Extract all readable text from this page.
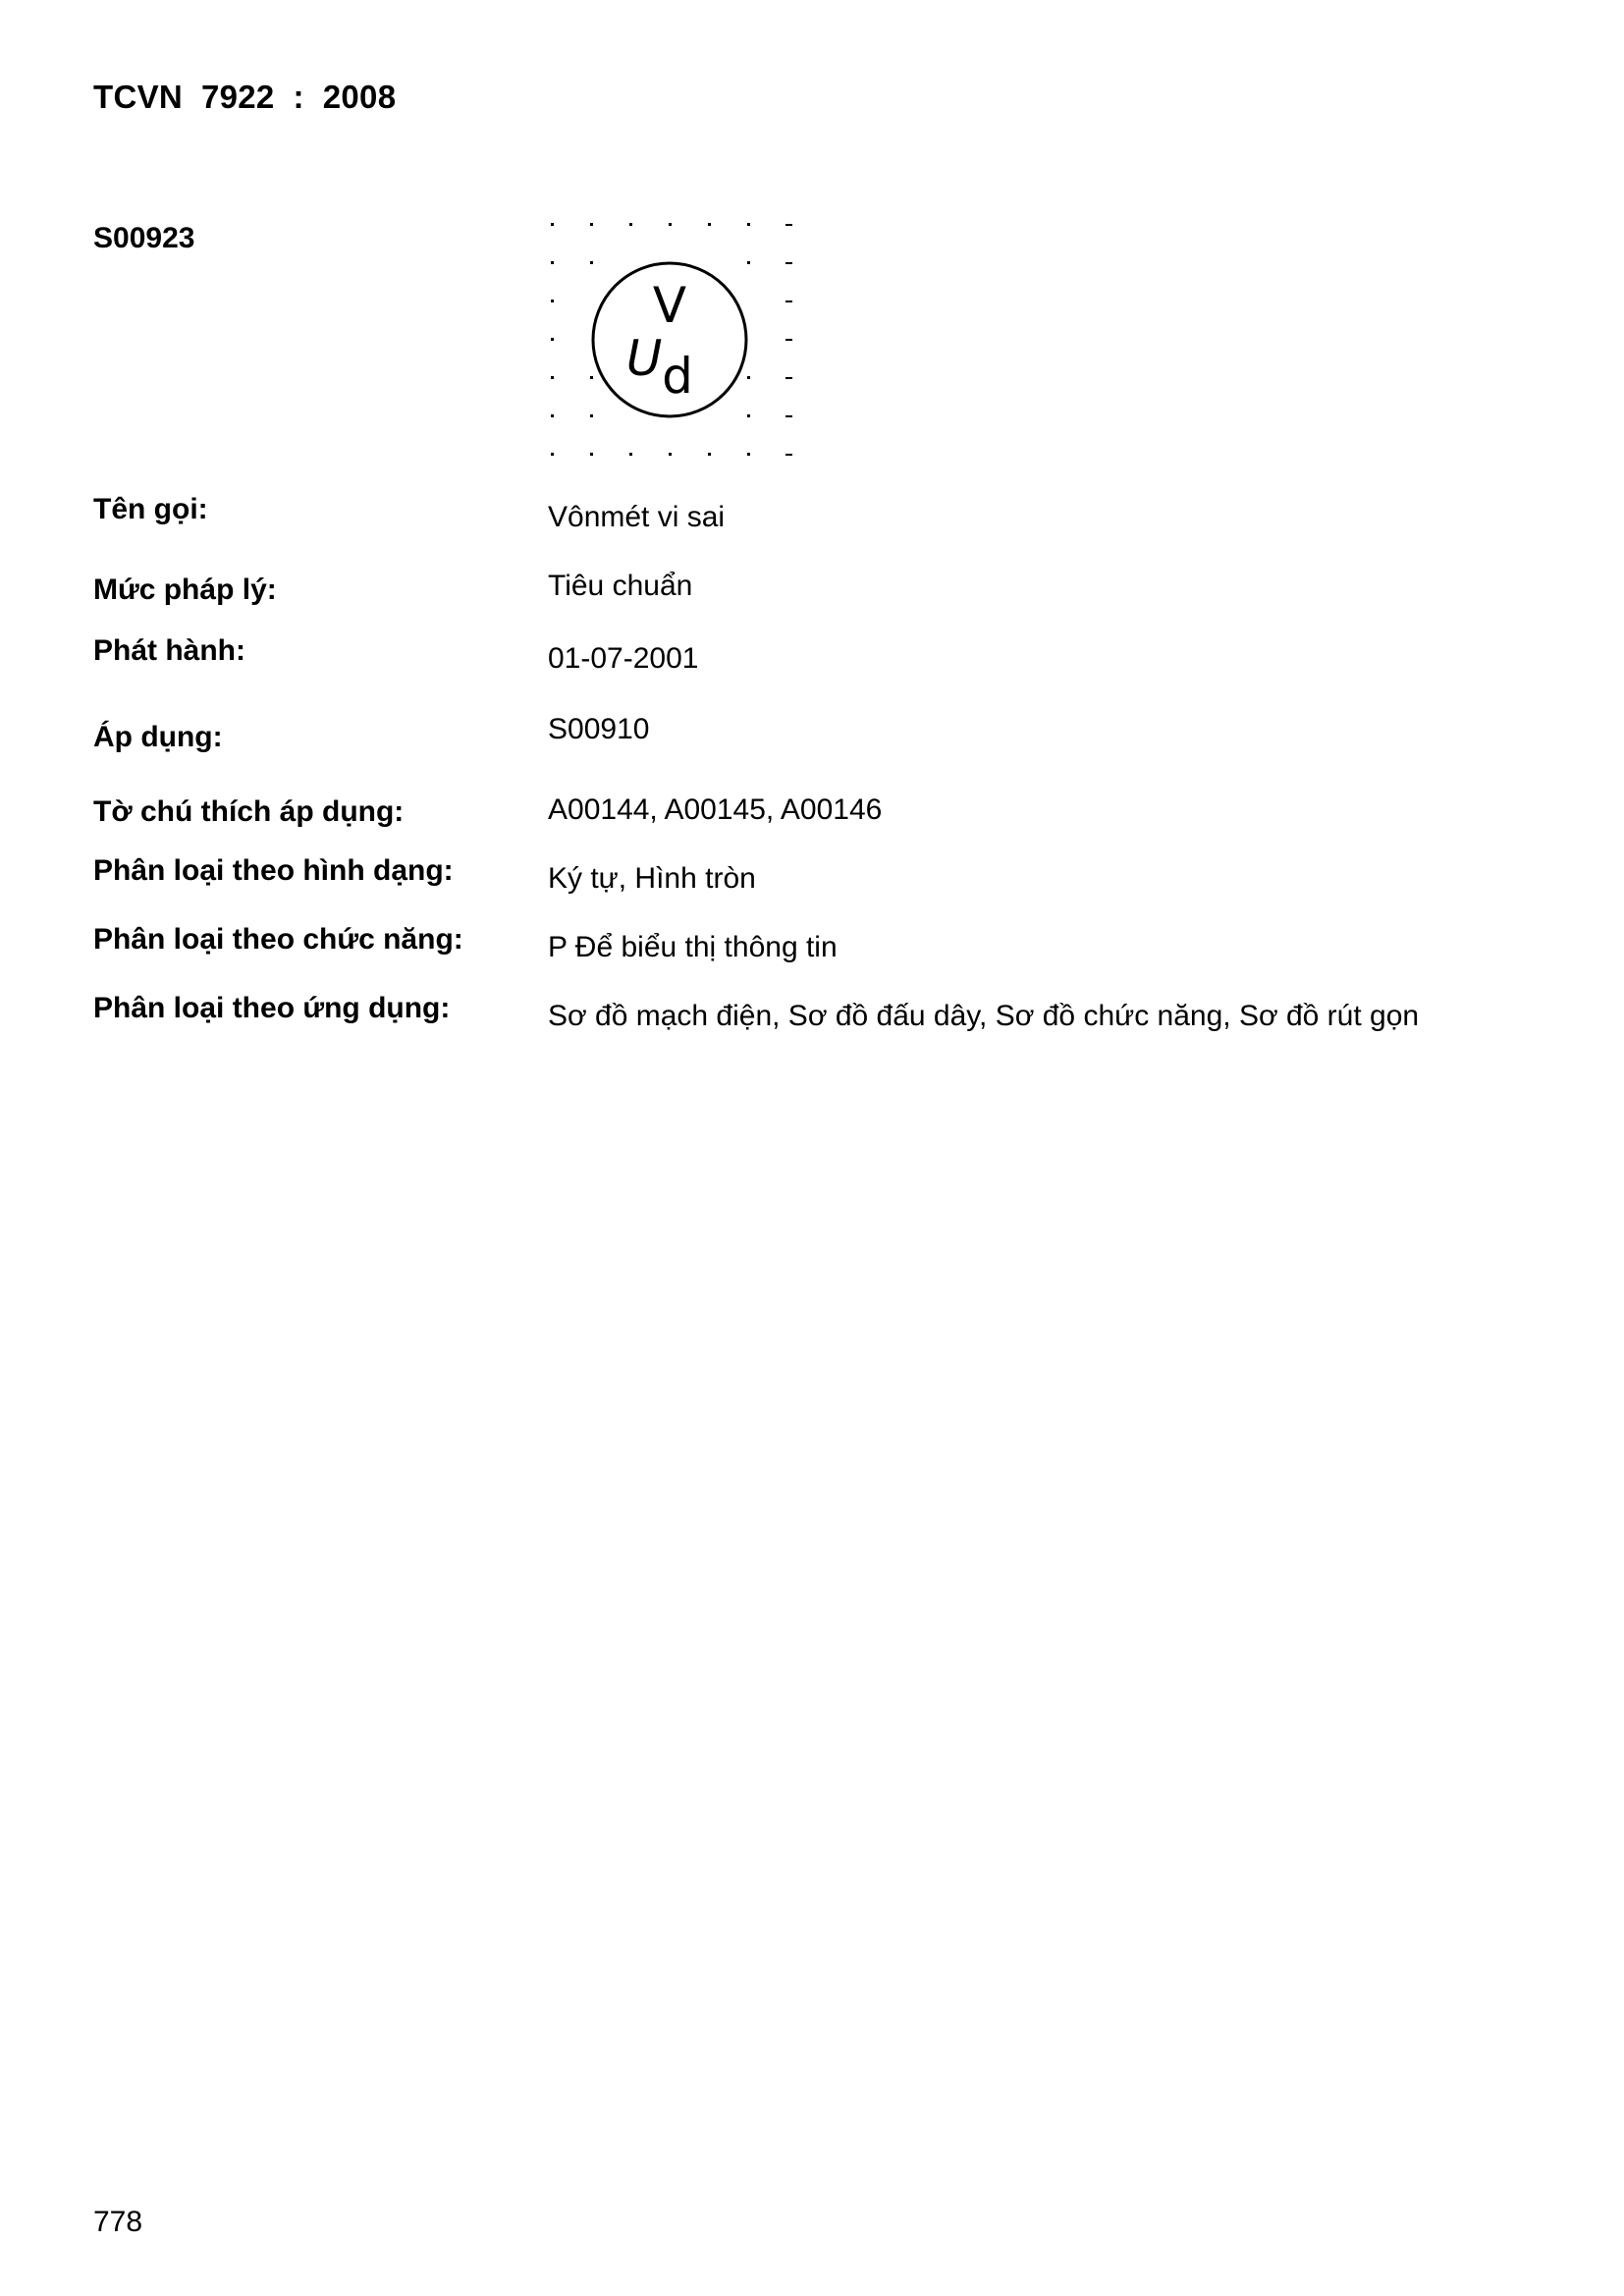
TCVN  7922  :  2008
S00923
V
U d
Tên gọi:	Vônmét vi sai
Mức pháp lý:	Tiêu chuẩn
Phát hành:	01-07-2001
Áp dụng:	S00910
Tờ chú thích áp dụng:	A00144, A00145, A00146
Phân loại theo hình dạng:	Ký tự, Hình tròn
Phân loại theo chức năng:	P Để biểu thị thông tin
Phân loại theo ứng dụng:	Sơ đồ mạch điện, Sơ đồ đấu dây, Sơ đồ chức năng, Sơ đồ rút gọn
778
